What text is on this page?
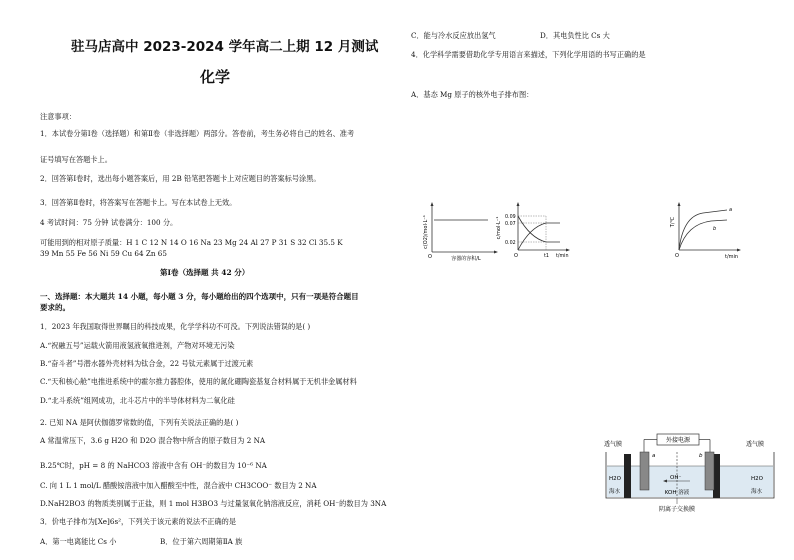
驻马店高中 2023-2024 学年高二上期 12 月测试
化学
注意事项：
1．本试卷分第Ⅰ卷（选择题）和第Ⅱ卷（非选择题）两部分。答卷前，考生务必将自己的姓名、准考
证号填写在答题卡上。
2．回答第Ⅰ卷时，选出每小题答案后，用 2B 铅笔把答题卡上对应题目的答案标号涂黑。
3．回答第Ⅱ卷时，将答案写在答题卡上。写在本试卷上无效。
4 考试时间：75 分钟 试卷满分：100 分。
可能用到的相对原子质量：H 1 C 12 N 14 O 16 Na 23 Mg 24 Al 27 P 31 S 32 Cl 35.5 K
39 Mn 55 Fe 56 Ni 59 Cu 64 Zn 65
第Ⅰ卷（选择题 共 42 分）
一、选择题：本大题共 14 小题，每小题 3 分，每小题给出的四个选项中，只有一项是符合题目
要求的。
1．2023 年我国取得世界瞩目的科技成果，化学学科功不可没。下列说法错误的是( )
A.“祝融五号”运载火箭用液氢液氧推进剂，产物对环境无污染
B.“奋斗者”号潜水器外壳材料为钛合金，22 号钛元素属于过渡元素
C.“天和核心舱”电推进系统中的霍尔推力器腔体，使用的氮化硼陶瓷基复合材料属于无机非金属材料
D.“北斗系统”组网成功，北斗芯片中的半导体材料为二氧化硅
2. 已知 NA 是阿伏伽德罗常数的值，下列有关说法正确的是( )
A 常温常压下，3.6 g H2O 和 D2O 混合物中所含的原子数目为 2 NA
B.25℃时，pH = 8 的 NaHCO3 溶液中含有 OH⁻的数目为 10⁻⁶ NA
C. 向 1 L 1 mol/L 醋酸铵溶液中加入醋酸至中性，混合液中 CH3COO⁻ 数目为 2 NA
D.NaH2BO3 的物质类别属于正盐，则 1 mol H3BO3 与过量氢氧化钠溶液反应，消耗 OH⁻的数目为 3NA
3．价电子排布为[Xe]6s²，下列关于该元素的说法不正确的是
A．第一电离能比 Cs 小	B．位于第六周期第ⅡA 族
C．能与冷水反应放出氢气	D．其电负性比 Cs 大
4．化学科学需要借助化学专用语言来描述，下列化学用语的书写正确的是
A．基态 Mg 原子的核外电子排布图：
c(O2)/mol·L⁻¹
容器的容积/L
O
0.09
0.07
0.02
c/mol·L⁻¹
t1 t/min
O
a
b
T/℃
t/min
O
外接电源
透气膜	透气膜
a	b
OH⁻
KOH 溶液
H2O
海水
H2O
海水
阴离子交换膜
